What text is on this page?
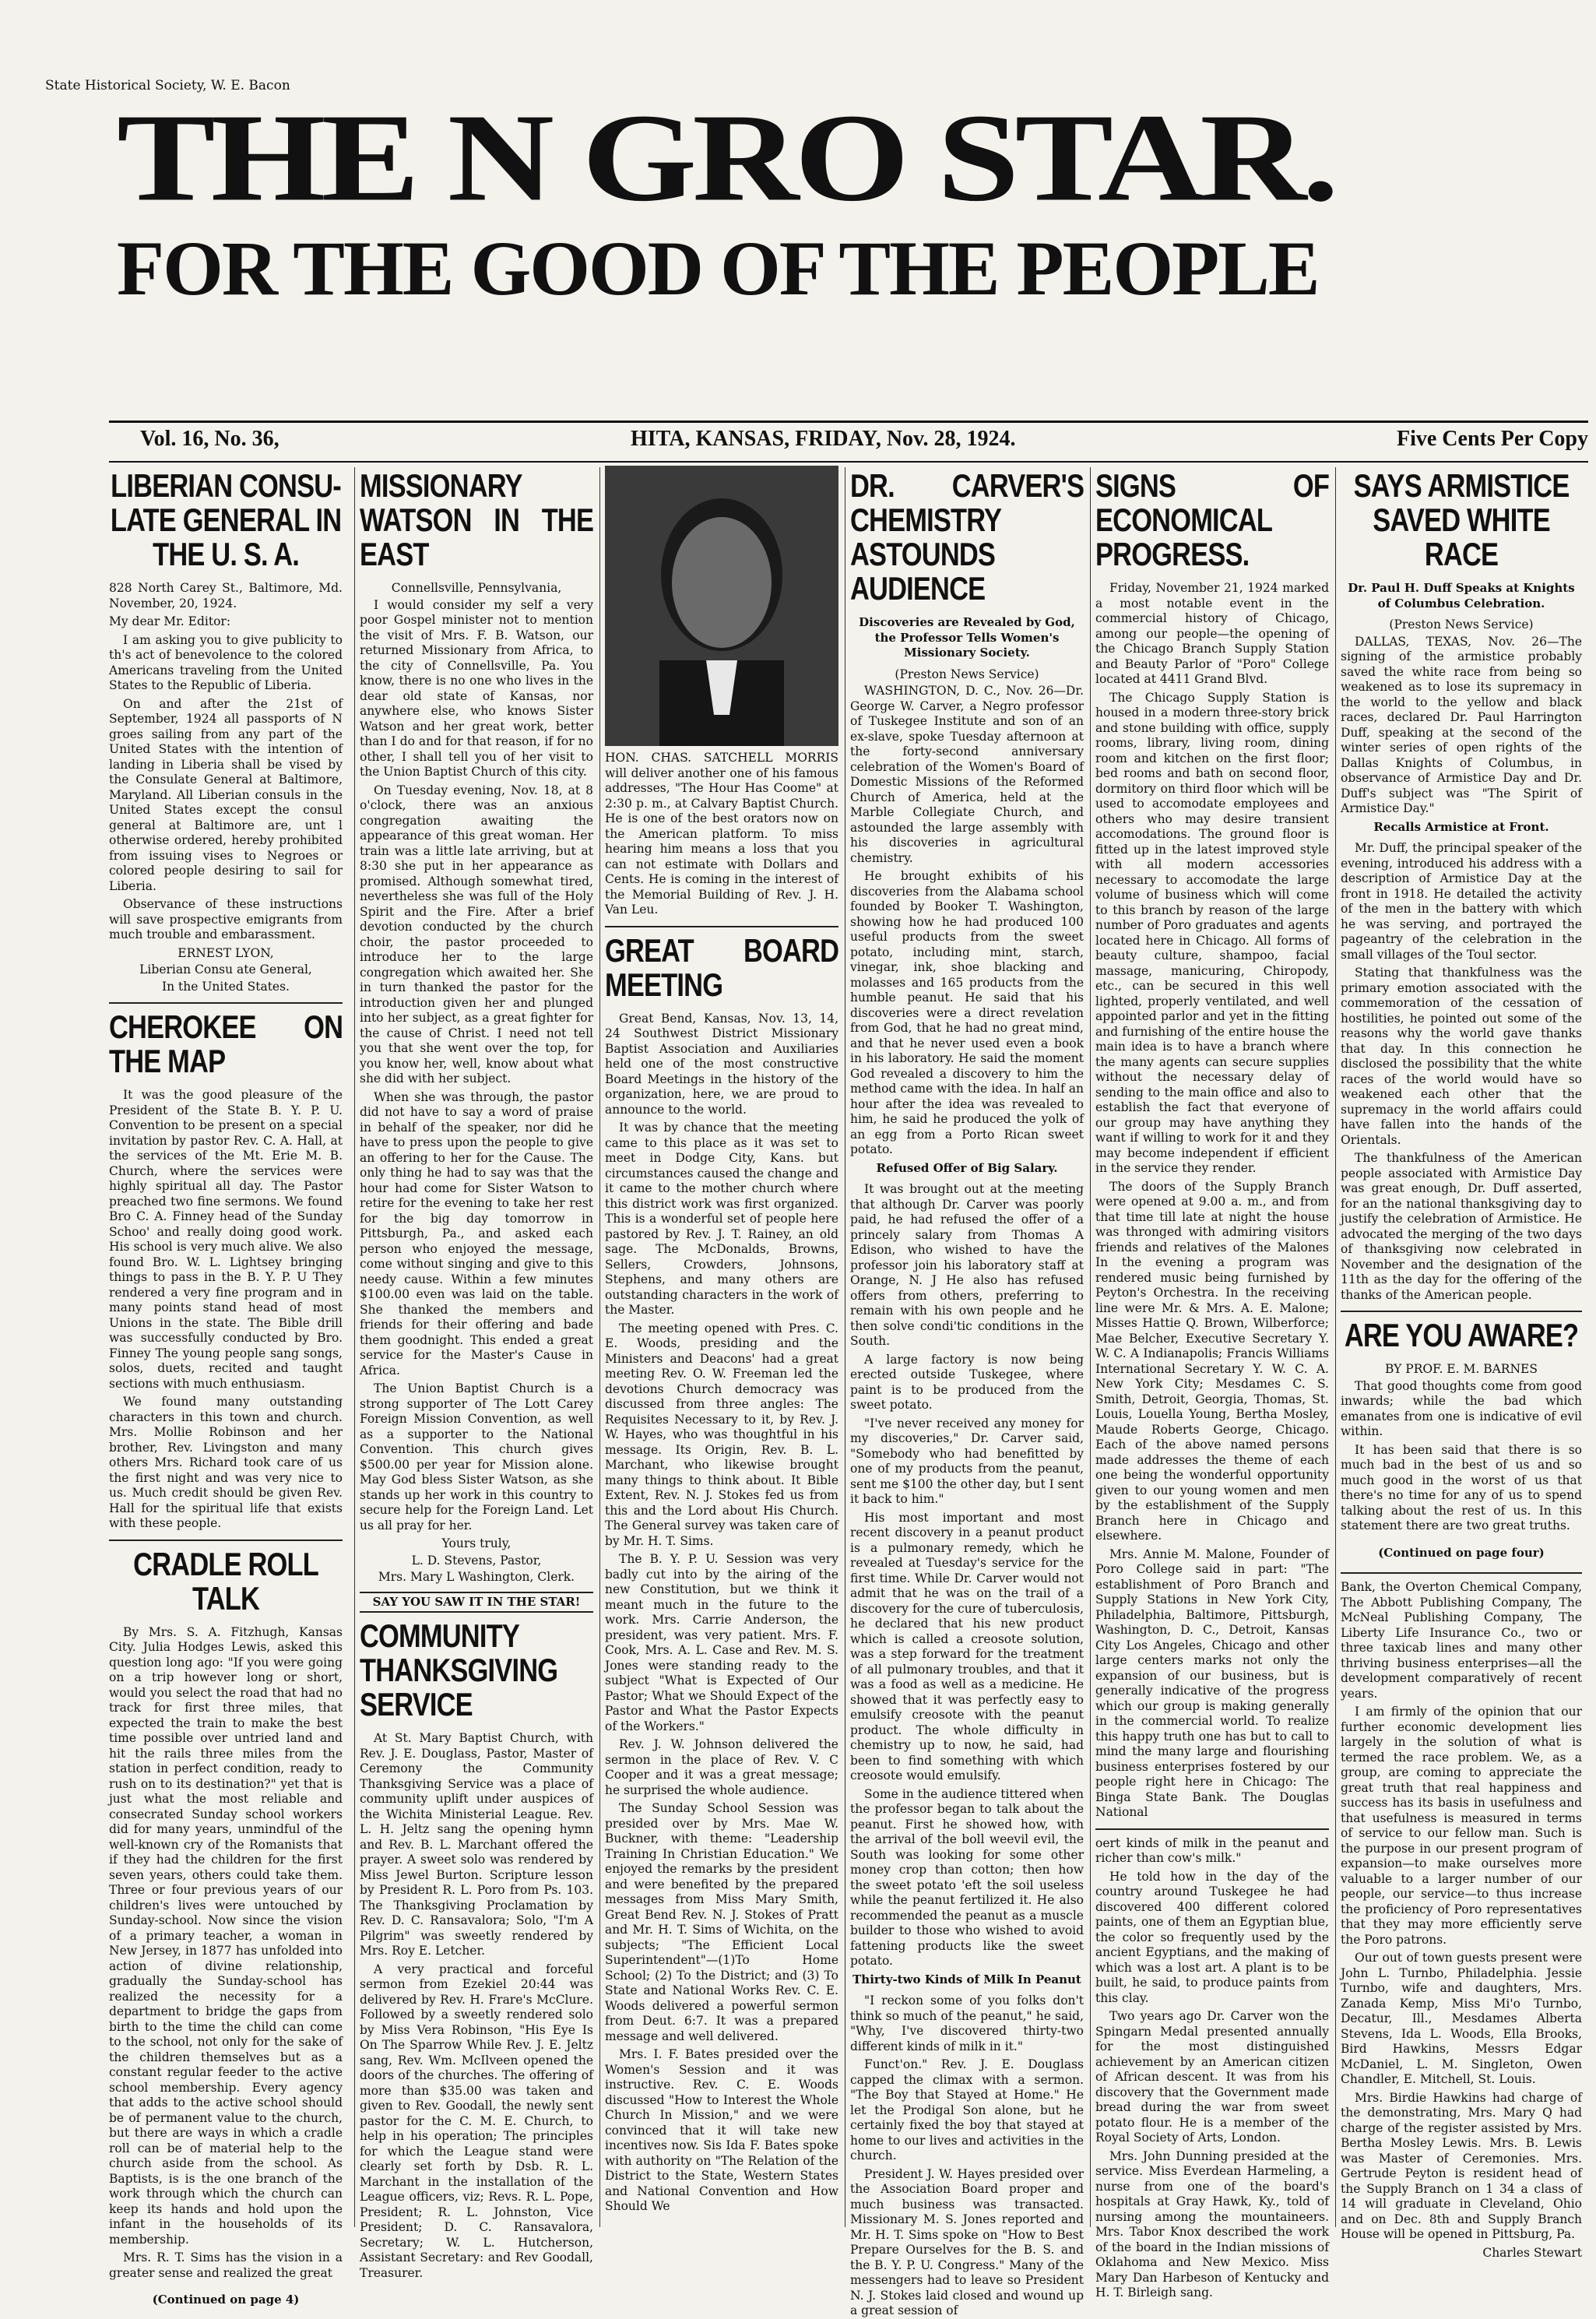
State Historical Society, W. E. Bacon
THE N GRO STAR.
FOR THE GOOD OF THE PEOPLE
Vol. 16, No. 36,	HITA, KANSAS, FRIDAY, Nov. 28, 1924.	Five Cents Per Copy
LIBERIAN CONSU-LATE GENERAL IN THE U. S. A.

828 North Carey St., Baltimore, Md. November, 20, 1924.

My dear Mr. Editor:

I am asking you to give publicity to th's act of benevolence to the colored Americans traveling from the United States to the Republic of Liberia.

On and after the 21st of September, 1924 all passports of N groes sailing from any part of the United States with the intention of landing in Liberia shall be vised by the Consulate General at Baltimore, Maryland. All Liberian consuls in the United States except the consul general at Baltimore are, unt l otherwise ordered, hereby prohibited from issuing vises to Negroes or colored people desiring to sail for Liberia.

Observance of these instructions will save prospective emigrants from much trouble and embarassment.

ERNEST LYON,

Liberian Consu ate General,

In the United States.

CHEROKEE ON THE MAP

It was the good pleasure of the President of the State B. Y. P. U. Convention to be present on a special invitation by pastor Rev. C. A. Hall, at the services of the Mt. Erie M. B. Church, where the services were highly spiritual all day. The Pastor preached two fine sermons. We found Bro C. A. Finney head of the Sunday Schoo' and really doing good work. His school is very much alive. We also found Bro. W. L. Lightsey bringing things to pass in the B. Y. P. U They rendered a very fine program and in many points stand head of most Unions in the state. The Bible drill was successfully conducted by Bro. Finney The young people sang songs, solos, duets, recited and taught sections with much enthusiasm.

We found many outstanding characters in this town and church. Mrs. Mollie Robinson and her brother, Rev. Livingston and many others Mrs. Richard took care of us the first night and was very nice to us. Much credit should be given Rev. Hall for the spiritual life that exists with these people.

CRADLE ROLL TALK

By Mrs. S. A. Fitzhugh, Kansas City. Julia Hodges Lewis, asked this question long ago: "If you were going on a trip however long or short, would you select the road that had no track for first three miles, that expected the train to make the best time possible over untried land and hit the rails three miles from the station in perfect condition, ready to rush on to its destination?" yet that is just what the most reliable and consecrated Sunday school workers did for many years, unmindful of the well-known cry of the Romanists that if they had the children for the first seven years, others could take them. Three or four previous years of our children's lives were untouched by Sunday-school. Now since the vision of a primary teacher, a woman in New Jersey, in 1877 has unfolded into action of divine relationship, gradually the Sunday-school has realized the necessity for a department to bridge the gaps from birth to the time the child can come to the school, not only for the sake of the children themselves but as a constant regular feeder to the active school membership. Every agency that adds to the active school should be of permanent value to the church, but there are ways in which a cradle roll can be of material help to the church aside from the school. As Baptists, is is the one branch of the work through which the church can keep its hands and hold upon the infant in the households of its membership.

Mrs. R. T. Sims has the vision in a greater sense and realized the great

(Continued on page 4)

MISSIONARY WATSON IN THE EAST

Connellsville, Pennsylvania,

I would consider my self a very poor Gospel minister not to mention the visit of Mrs. F. B. Watson, our returned Missionary from Africa, to the city of Connellsville, Pa. You know, there is no one who lives in the dear old state of Kansas, nor anywhere else, who knows Sister Watson and her great work, better than I do and for that reason, if for no other, I shall tell you of her visit to the Union Baptist Church of this city.

On Tuesday evening, Nov. 18, at 8 o'clock, there was an anxious congregation awaiting the appearance of this great woman. Her train was a little late arriving, but at 8:30 she put in her appearance as promised. Although somewhat tired, nevertheless she was full of the Holy Spirit and the Fire. After a brief devotion conducted by the church choir, the pastor proceeded to introduce her to the large congregation which awaited her. She in turn thanked the pastor for the introduction given her and plunged into her subject, as a great fighter for the cause of Christ. I need not tell you that she went over the top, for you know her, well, know about what she did with her subject.

When she was through, the pastor did not have to say a word of praise in behalf of the speaker, nor did he have to press upon the people to give an offering to her for the Cause. The only thing he had to say was that the hour had come for Sister Watson to retire for the evening to take her rest for the big day tomorrow in Pittsburgh, Pa., and asked each person who enjoyed the message, come without singing and give to this needy cause. Within a few minutes $100.00 even was laid on the table. She thanked the members and friends for their offering and bade them goodnight. This ended a great service for the Master's Cause in Africa.

The Union Baptist Church is a strong supporter of The Lott Carey Foreign Mission Convention, as well as a supporter to the National Convention. This church gives $500.00 per year for Mission alone. May God bless Sister Watson, as she stands up her work in this country to secure help for the Foreign Land. Let us all pray for her.

Yours truly,

L. D. Stevens, Pastor,

Mrs. Mary L Washington, Clerk.

SAY YOU SAW IT IN THE STAR!
COMMUNITY THANKSGIVING SERVICE

At St. Mary Baptist Church, with Rev. J. E. Douglass, Pastor, Master of Ceremony the Community Thanksgiving Service was a place of community uplift under auspices of the Wichita Ministerial League. Rev. L. H. Jeltz sang the opening hymn and Rev. B. L. Marchant offered the prayer. A sweet solo was rendered by Miss Jewel Burton. Scripture lesson by President R. L. Poro from Ps. 103. The Thanksgiving Proclamation by Rev. D. C. Ransavalora; Solo, "I'm A Pilgrim" was sweetly rendered by Mrs. Roy E. Letcher.

A very practical and forceful sermon from Ezekiel 20:44 was delivered by Rev. H. Frare's McClure. Followed by a sweetly rendered solo by Miss Vera Robinson, "His Eye Is On The Sparrow While Rev. J. E. Jeltz sang, Rev. Wm. McIlveen opened the doors of the churches. The offering of more than $35.00 was taken and given to Rev. Goodall, the newly sent pastor for the C. M. E. Church, to help in his operation; The principles for which the League stand were clearly set forth by Dsb. R. L. Marchant in the installation of the League officers, viz; Revs. R. L. Pope, President; R. L. Johnston, Vice President; D. C. Ransavalora, Secretary; W. L. Hutcherson, Assistant Secretary: and Rev Goodall, Treasurer.

HON. CHAS. SATCHELL MORRIS will deliver another one of his famous addresses, "The Hour Has Coome" at 2:30 p. m., at Calvary Baptist Church. He is one of the best orators now on the American platform. To miss hearing him means a loss that you can not estimate with Dollars and Cents. He is coming in the interest of the Memorial Building of Rev. J. H. Van Leu.
GREAT BOARD MEETING

Great Bend, Kansas, Nov. 13, 14, 24 Southwest District Missionary Baptist Association and Auxiliaries held one of the most constructive Board Meetings in the history of the organization, here, we are proud to announce to the world.

It was by chance that the meeting came to this place as it was set to meet in Dodge City, Kans. but circumstances caused the change and it came to the mother church where this district work was first organized. This is a wonderful set of people here pastored by Rev. J. T. Rainey, an old sage. The McDonalds, Browns, Sellers, Crowders, Johnsons, Stephens, and many others are outstanding characters in the work of the Master.

The meeting opened with Pres. C. E. Woods, presiding and the Ministers and Deacons' had a great meeting Rev. O. W. Freeman led the devotions Church democracy was discussed from three angles: The Requisites Necessary to it, by Rev. J. W. Hayes, who was thoughtful in his message. Its Origin, Rev. B. L. Marchant, who likewise brought many things to think about. It Bible Extent, Rev. N. J. Stokes fed us from this and the Lord about His Church. The General survey was taken care of by Mr. H. T. Sims.

The B. Y. P. U. Session was very badly cut into by the airing of the new Constitution, but we think it meant much in the future to the work. Mrs. Carrie Anderson, the president, was very patient. Mrs. F. Cook, Mrs. A. L. Case and Rev. M. S. Jones were standing ready to the subject "What is Expected of Our Pastor; What we Should Expect of the Pastor and What the Pastor Expects of the Workers."

Rev. J. W. Johnson delivered the sermon in the place of Rev. V. C Cooper and it was a great message; he surprised the whole audience.

The Sunday School Session was presided over by Mrs. Mae W. Buckner, with theme: "Leadership Training In Christian Education." We enjoyed the remarks by the president and were benefited by the prepared messages from Miss Mary Smith, Great Bend Rev. N. J. Stokes of Pratt and Mr. H. T. Sims of Wichita, on the subjects; "The Efficient Local Superintendent"—(1)To Home School; (2) To the District; and (3) To State and National Works Rev. C. E. Woods delivered a powerful sermon from Deut. 6:7. It was a prepared message and well delivered.

Mrs. I. F. Bates presided over the Women's Session and it was instructive. Rev. C. E. Woods discussed "How to Interest the Whole Church In Mission," and we were convinced that it will take new incentives now. Sis Ida F. Bates spoke with authority on "The Relation of the District to the State, Western States and National Convention and How Should We

DR. CARVER'S CHEMISTRY ASTOUNDS AUDIENCE

Discoveries are Revealed by God, the Professor Tells Women's Missionary Society.

(Preston News Service)

WASHINGTON, D. C., Nov. 26—Dr. George W. Carver, a Negro professor of Tuskegee Institute and son of an ex-slave, spoke Tuesday afternoon at the forty-second anniversary celebration of the Women's Board of Domestic Missions of the Reformed Church of America, held at the Marble Collegiate Church, and astounded the large assembly with his discoveries in agricultural chemistry.

He brought exhibits of his discoveries from the Alabama school founded by Booker T. Washington, showing how he had produced 100 useful products from the sweet potato, including mint, starch, vinegar, ink, shoe blacking and molasses and 165 products from the humble peanut. He said that his discoveries were a direct revelation from God, that he had no great mind, and that he never used even a book in his laboratory. He said the moment God revealed a discovery to him the method came with the idea. In half an hour after the idea was revealed to him, he said he produced the yolk of an egg from a Porto Rican sweet potato.

Refused Offer of Big Salary.

It was brought out at the meeting that although Dr. Carver was poorly paid, he had refused the offer of a princely salary from Thomas A Edison, who wished to have the professor join his laboratory staff at Orange, N. J He also has refused offers from others, preferring to remain with his own people and he then solve condi'tic conditions in the South.

A large factory is now being erected outside Tuskegee, where paint is to be produced from the sweet potato.

"I've never received any money for my discoveries," Dr. Carver said, "Somebody who had benefitted by one of my products from the peanut, sent me $100 the other day, but I sent it back to him."

His most important and most recent discovery in a peanut product is a pulmonary remedy, which he revealed at Tuesday's service for the first time. While Dr. Carver would not admit that he was on the trail of a discovery for the cure of tuberculosis, he declared that his new product which is called a creosote solution, was a step forward for the treatment of all pulmonary troubles, and that it was a food as well as a medicine. He showed that it was perfectly easy to emulsify creosote with the peanut product. The whole difficulty in chemistry up to now, he said, had been to find something with which creosote would emulsify.

Some in the audience tittered when the professor began to talk about the peanut. First he showed how, with the arrival of the boll weevil evil, the South was looking for some other money crop than cotton; then how the sweet potato 'eft the soil useless while the peanut fertilized it. He also recommended the peanut as a muscle builder to those who wished to avoid fattening products like the sweet potato.

Thirty-two Kinds of Milk In Peanut

"I reckon some of you folks don't think so much of the peanut," he said, "Why, I've discovered thirty-two different kinds of milk in it."

Funct'on." Rev. J. E. Douglass capped the climax with a sermon. "The Boy that Stayed at Home." He let the Prodigal Son alone, but he certainly fixed the boy that stayed at home to our lives and activities in the church.

President J. W. Hayes presided over the Association Board proper and much business was transacted. Missionary M. S. Jones reported and Mr. H. T. Sims spoke on "How to Best Prepare Ourselves for the B. S. and the B. Y. P. U. Congress." Many of the messengers had to leave so President N. J. Stokes laid closed and wound up a great session of

SIGNS OF ECONOMICAL PROGRESS.

Friday, November 21, 1924 marked a most notable event in the commercial history of Chicago, among our people—the opening of the Chicago Branch Supply Station and Beauty Parlor of "Poro" College located at 4411 Grand Blvd.

The Chicago Supply Station is housed in a modern three-story brick and stone building with office, supply rooms, library, living room, dining room and kitchen on the first floor; bed rooms and bath on second floor, dormitory on third floor which will be used to accomodate employees and others who may desire transient accomodations. The ground floor is fitted up in the latest improved style with all modern accessories necessary to accomodate the large volume of business which will come to this branch by reason of the large number of Poro graduates and agents located here in Chicago. All forms of beauty culture, shampoo, facial massage, manicuring, Chiropody, etc., can be secured in this well lighted, properly ventilated, and well appointed parlor and yet in the fitting and furnishing of the entire house the main idea is to have a branch where the many agents can secure supplies without the necessary delay of sending to the main office and also to establish the fact that everyone of our group may have anything they want if willing to work for it and they may become independent if efficient in the service they render.

The doors of the Supply Branch were opened at 9.00 a. m., and from that time till late at night the house was thronged with admiring visitors friends and relatives of the Malones In the evening a program was rendered music being furnished by Peyton's Orchestra. In the receiving line were Mr. & Mrs. A. E. Malone; Misses Hattie Q. Brown, Wilberforce; Mae Belcher, Executive Secretary Y. W. C. A Indianapolis; Francis Williams International Secretary Y. W. C. A. New York City; Mesdames C. S. Smith, Detroit, Georgia, Thomas, St. Louis, Louella Young, Bertha Mosley, Maude Roberts George, Chicago. Each of the above named persons made addresses the theme of each one being the wonderful opportunity given to our young women and men by the establishment of the Supply Branch here in Chicago and elsewhere.

Mrs. Annie M. Malone, Founder of Poro College said in part: "The establishment of Poro Branch and Supply Stations in New York City, Philadelphia, Baltimore, Pittsburgh, Washington, D. C., Detroit, Kansas City Los Angeles, Chicago and other large centers marks not only the expansion of our business, but is generally indicative of the progress which our group is making generally in the commercial world. To realize this happy truth one has but to call to mind the many large and flourishing business enterprises fostered by our people right here in Chicago: The Binga State Bank. The Douglas National

oert kinds of milk in the peanut and richer than cow's milk."

He told how in the day of the country around Tuskegee he had discovered 400 different colored paints, one of them an Egyptian blue, the color so frequently used by the ancient Egyptians, and the making of which was a lost art. A plant is to be built, he said, to produce paints from this clay.

Two years ago Dr. Carver won the Spingarn Medal presented annually for the most distinguished achievement by an American citizen of African descent. It was from his discovery that the Government made bread during the war from sweet potato flour. He is a member of the Royal Society of Arts, London.

Mrs. John Dunning presided at the service. Miss Everdean Harmeling, a nurse from one of the board's hospitals at Gray Hawk, Ky., told of nursing among the mountaineers. Mrs. Tabor Knox described the work of the board in the Indian missions of Oklahoma and New Mexico. Miss Mary Dan Harbeson of Kentucky and H. T. Birleigh sang.

SAYS ARMISTICE SAVED WHITE RACE

Dr. Paul H. Duff Speaks at Knights of Columbus Celebration.

(Preston News Service)

DALLAS, TEXAS, Nov. 26—The signing of the armistice probably saved the white race from being so weakened as to lose its supremacy in the world to the yellow and black races, declared Dr. Paul Harrington Duff, speaking at the second of the winter series of open rights of the Dallas Knights of Columbus, in observance of Armistice Day and Dr. Duff's subject was "The Spirit of Armistice Day."

Recalls Armistice at Front.

Mr. Duff, the principal speaker of the evening, introduced his address with a description of Armistice Day at the front in 1918. He detailed the activity of the men in the battery with which he was serving, and portrayed the pageantry of the celebration in the small villages of the Toul sector.

Stating that thankfulness was the primary emotion associated with the commemoration of the cessation of hostilities, he pointed out some of the reasons why the world gave thanks that day. In this connection he disclosed the possibility that the white races of the world would have so weakened each other that the supremacy in the world affairs could have fallen into the hands of the Orientals.

The thankfulness of the American people associated with Armistice Day was great enough, Dr. Duff asserted, for an the national thanksgiving day to justify the celebration of Armistice. He advocated the merging of the two days of thanksgiving now celebrated in November and the designation of the 11th as the day for the offering of the thanks of the American people.

ARE YOU AWARE?

BY PROF. E. M. BARNES

That good thoughts come from good inwards; while the bad which emanates from one is indicative of evil within.

It has been said that there is so much bad in the best of us and so much good in the worst of us that there's no time for any of us to spend talking about the rest of us. In this statement there are two great truths.

(Continued on page four)

Bank, the Overton Chemical Company, The Abbott Publishing Company, The McNeal Publishing Company, The Liberty Life Insurance Co., two or three taxicab lines and many other thriving business enterprises—all the development comparatively of recent years.

I am firmly of the opinion that our further economic development lies largely in the solution of what is termed the race problem. We, as a group, are coming to appreciate the great truth that real happiness and success has its basis in usefulness and that usefulness is measured in terms of service to our fellow man. Such is the purpose in our present program of expansion—to make ourselves more valuable to a larger number of our people, our service—to thus increase the proficiency of Poro representatives that they may more efficiently serve the Poro patrons.

Our out of town guests present were John L. Turnbo, Philadelphia. Jessie Turnbo, wife and daughters, Mrs. Zanada Kemp, Miss Mi'o Turnbo, Decatur, Ill., Mesdames Alberta Stevens, Ida L. Woods, Ella Brooks, Bird Hawkins, Messrs Edgar McDaniel, L. M. Singleton, Owen Chandler, E. Mitchell, St. Louis.

Mrs. Birdie Hawkins had charge of the demonstrating, Mrs. Mary Q had charge of the register assisted by Mrs. Bertha Mosley Lewis. Mrs. B. Lewis was Master of Ceremonies. Mrs. Gertrude Peyton is resident head of the Supply Branch on 1 34 a class of 14 will graduate in Cleveland, Ohio and on Dec. 8th and Supply Branch House will be opened in Pittsburg, Pa.

Charles Stewart
